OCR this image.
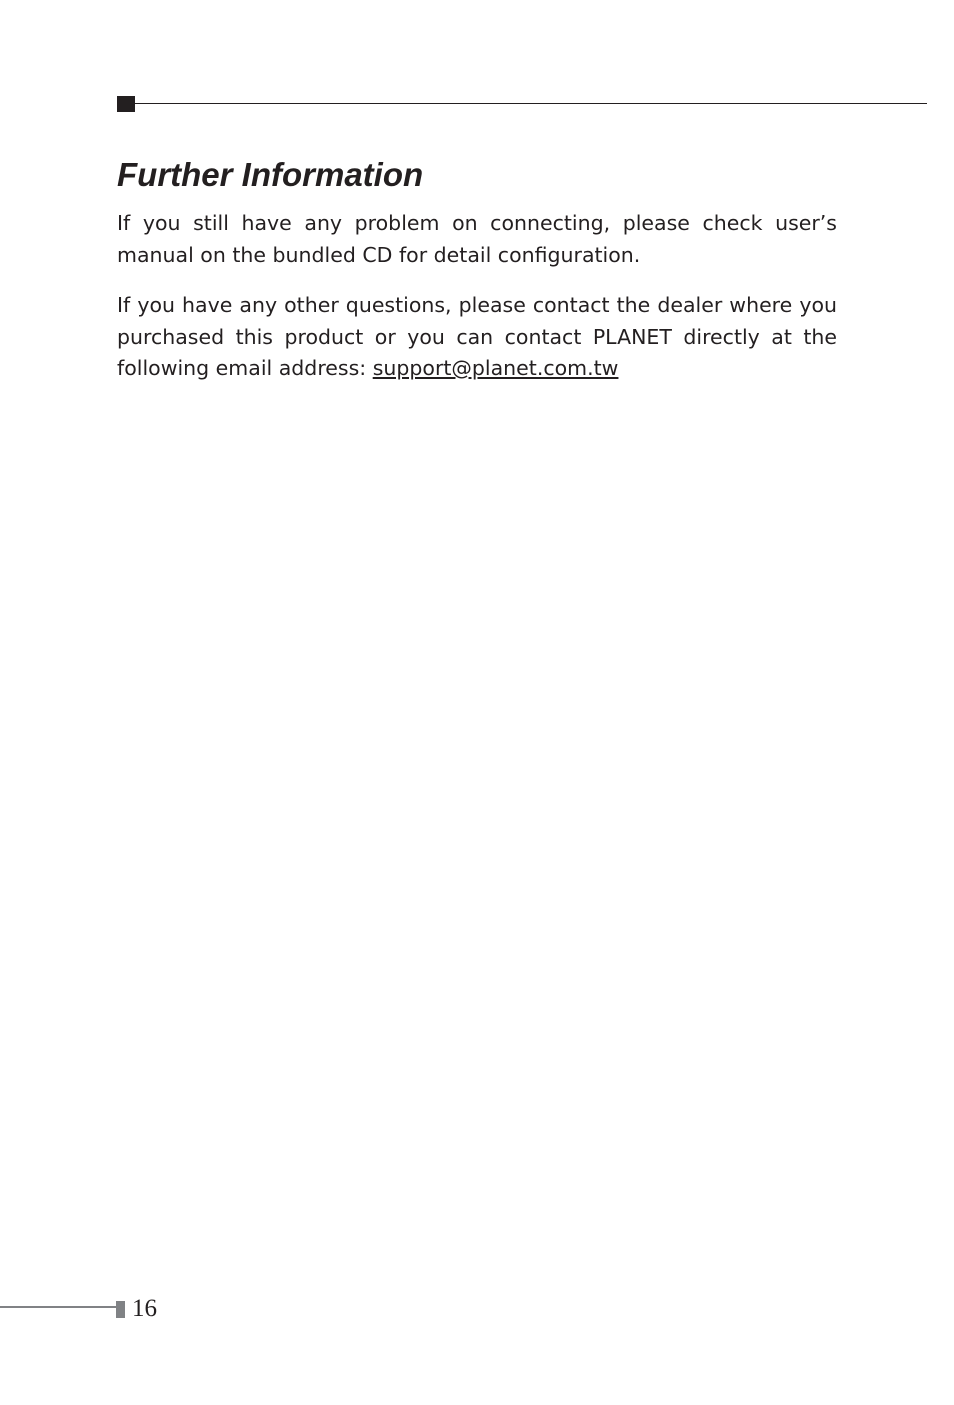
Further Information

If you still have any problem on connecting, please check user’s manual on the bundled CD for detail configuration.

If you have any other questions, please contact the dealer where you purchased this product or you can contact PLANET directly at the following email address: support@planet.com.tw

16
